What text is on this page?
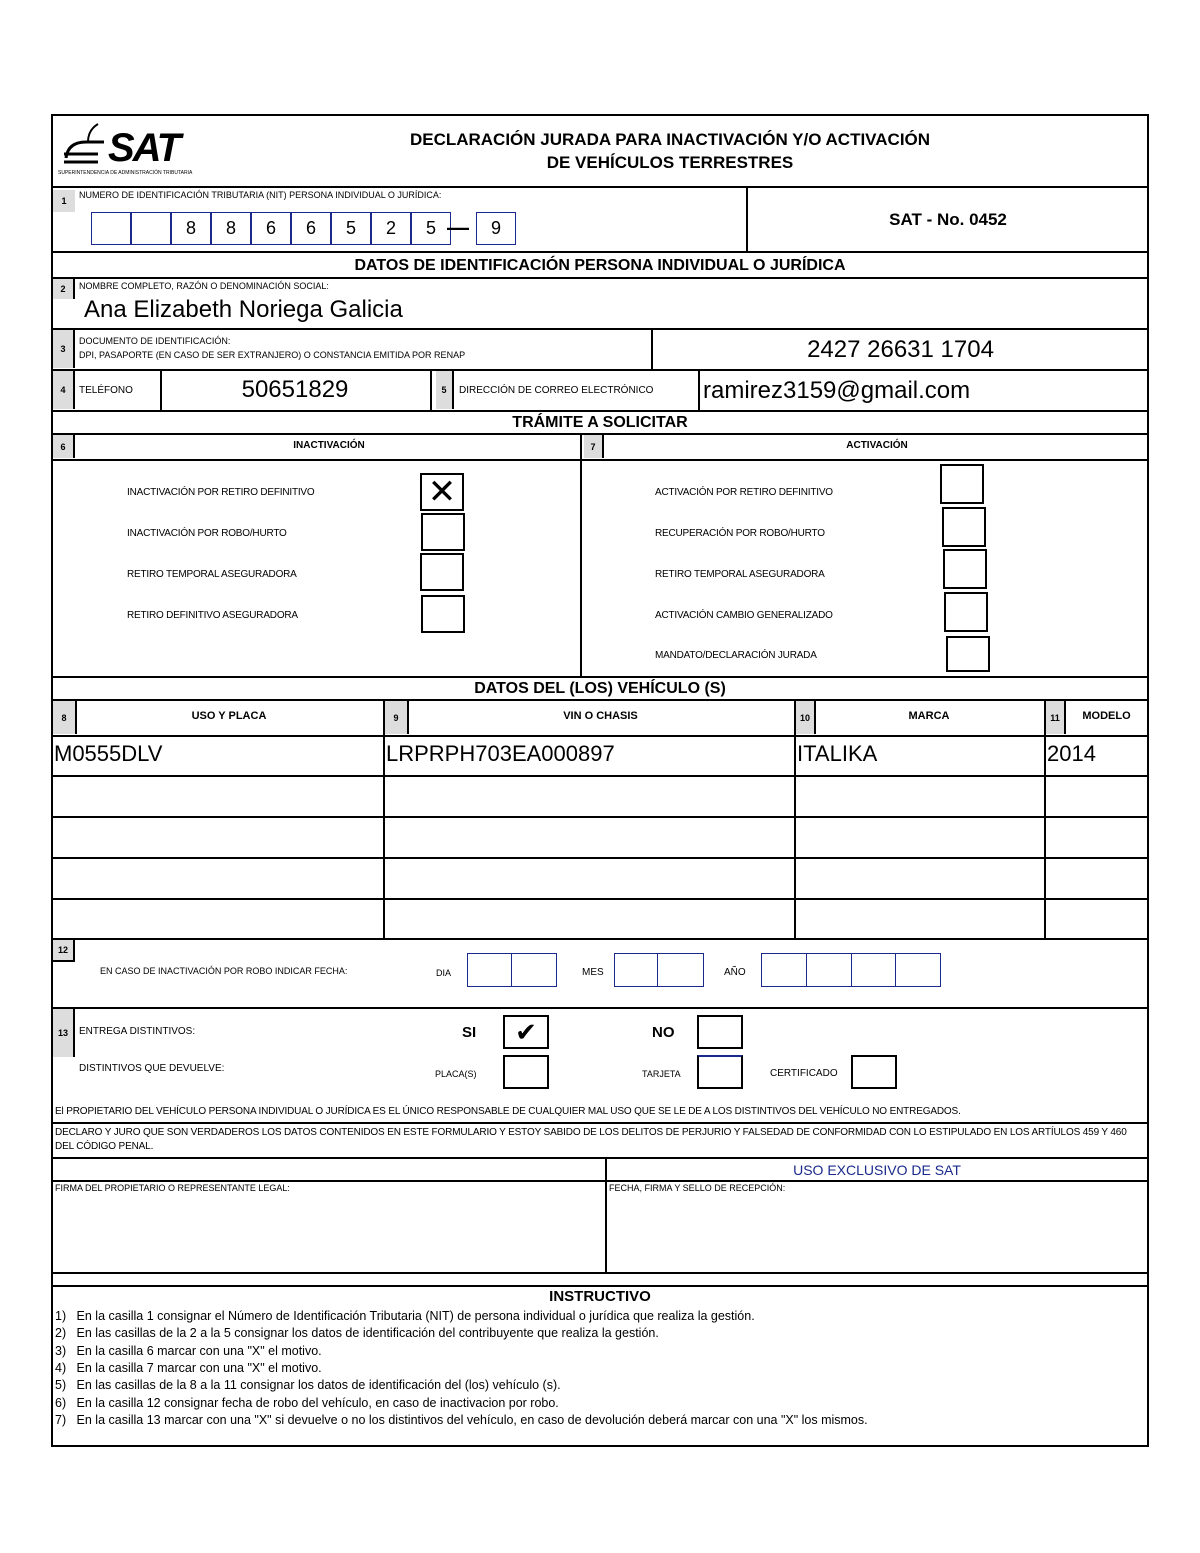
SAT
SUPERINTENDENCIA DE ADMINISTRACIÓN TRIBUTARIA
DECLARACIÓN JURADA PARA INACTIVACIÓN Y/O ACTIVACIÓN
DE VEHÍCULOS TERRESTRES
1
NUMERO DE IDENTIFICACIÓN TRIBUTARIA (NIT) PERSONA INDIVIDUAL O JURÍDICA:
8	8	6	6	5	2	5 —	9	SAT - No. 0452
DATOS DE IDENTIFICACIÓN PERSONA INDIVIDUAL O JURÍDICA
2	NOMBRE COMPLETO, RAZÓN O DENOMINACIÓN SOCIAL:
Ana Elizabeth Noriega Galicia
3
DOCUMENTO DE IDENTIFICACIÓN:
DPI, PASAPORTE (EN CASO DE SER EXTRANJERO) O CONSTANCIA EMITIDA POR RENAP	2427 26631 1704
4	TELÉFONO	50651829	5	DIRECCIÓN DE CORREO ELECTRÓNICO ramirez3159@gmail.com
TRÁMITE A SOLICITAR
6	INACTIVACIÓN	7	ACTIVACIÓN
INACTIVACIÓN POR RETIRO DEFINITIVO	✕
INACTIVACIÓN POR ROBO/HURTO
RETIRO TEMPORAL ASEGURADORA
RETIRO DEFINITIVO ASEGURADORA
ACTIVACIÓN POR RETIRO DEFINITIVO
RECUPERACIÓN POR ROBO/HURTO
RETIRO TEMPORAL ASEGURADORA
ACTIVACIÓN CAMBIO GENERALIZADO
MANDATO/DECLARACIÓN JURADA
DATOS DEL (LOS) VEHÍCULO (S)
8	USO Y PLACA	9	VIN O CHASIS	10	MARCA	11	MODELO
M0555DLV	LRPRPH703EA000897	ITALIKA	2014
12
EN CASO DE INACTIVACIÓN POR ROBO INDICAR FECHA:	DIA	MES	AÑO
13	ENTREGA DISTINTIVOS:	SI ✔	NO
DISTINTIVOS QUE DEVUELVE:	PLACA(S)	TARJETA	CERTIFICADO
El PROPIETARIO DEL VEHÍCULO PERSONA INDIVIDUAL O JURÍDICA ES EL ÚNICO RESPONSABLE DE CUALQUIER MAL USO QUE SE LE DE A LOS DISTINTIVOS DEL VEHÍCULO NO ENTREGADOS.
DECLARO Y JURO QUE SON VERDADEROS LOS DATOS CONTENIDOS EN ESTE FORMULARIO Y ESTOY SABIDO DE LOS DELITOS DE PERJURIO Y FALSEDAD DE CONFORMIDAD CON LO ESTIPULADO EN LOS ARTÍULOS 459 Y 460 DEL CÓDIGO PENAL.
USO EXCLUSIVO DE SAT
FIRMA DEL PROPIETARIO O REPRESENTANTE LEGAL:	FECHA, FIRMA Y SELLO DE RECEPCIÓN:
INSTRUCTIVO
1)   En la casilla 1 consignar el Número de Identificación Tributaria (NIT) de persona individual o jurídica que realiza la gestión.
2)   En las casillas de la 2 a la 5 consignar los datos de identificación del contribuyente que realiza la gestión.
3)   En la casilla 6 marcar con una "X" el motivo.
4)   En la casilla 7 marcar con una "X" el motivo.
5)   En las casillas de la 8 a la 11 consignar los datos de identificación del (los) vehículo (s).
6)   En la casilla 12 consignar fecha de robo del vehículo, en caso de inactivacion por robo.
7)   En la casilla 13 marcar con una "X" si devuelve o no los distintivos del vehículo, en caso de devolución deberá marcar con una "X" los mismos.
